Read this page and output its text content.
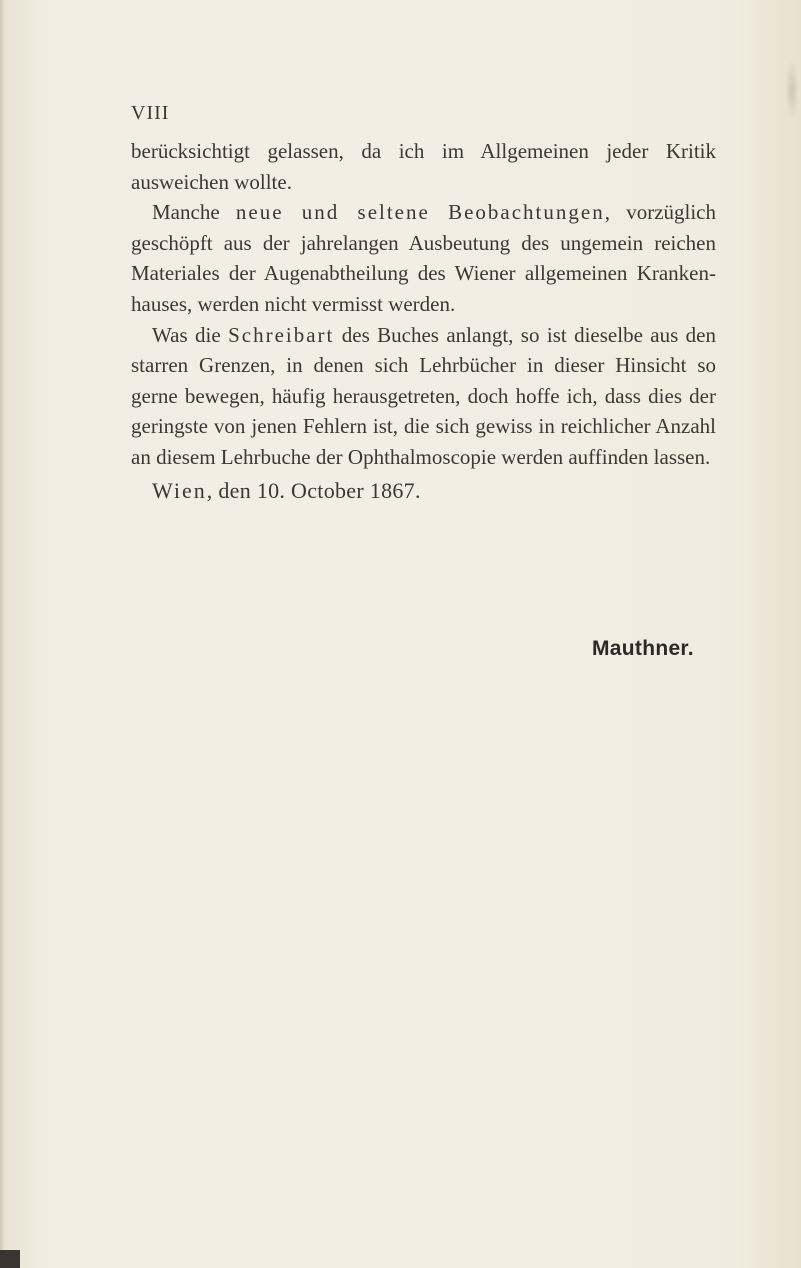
VIII

berücksichtigt gelassen, da ich im Allgemeinen jeder Kritik ausweichen wollte.

Manche neue und seltene Beobachtungen, vorzüglich geschöpft aus der jahrelangen Ausbeutung des ungemein reichen Materiales der Augenabtheilung des Wiener allgemeinen Kranken-hauses, werden nicht vermisst werden.

Was die Schreibart des Buches anlangt, so ist dieselbe aus den starren Grenzen, in denen sich Lehrbücher in dieser Hinsicht so gerne bewegen, häufig herausgetreten, doch hoffe ich, dass dies der geringste von jenen Fehlern ist, die sich gewiss in reichlicher Anzahl an diesem Lehrbuche der Ophthalmoscopie werden auffinden lassen.

Wien, den 10. October 1867.

Mauthner.
